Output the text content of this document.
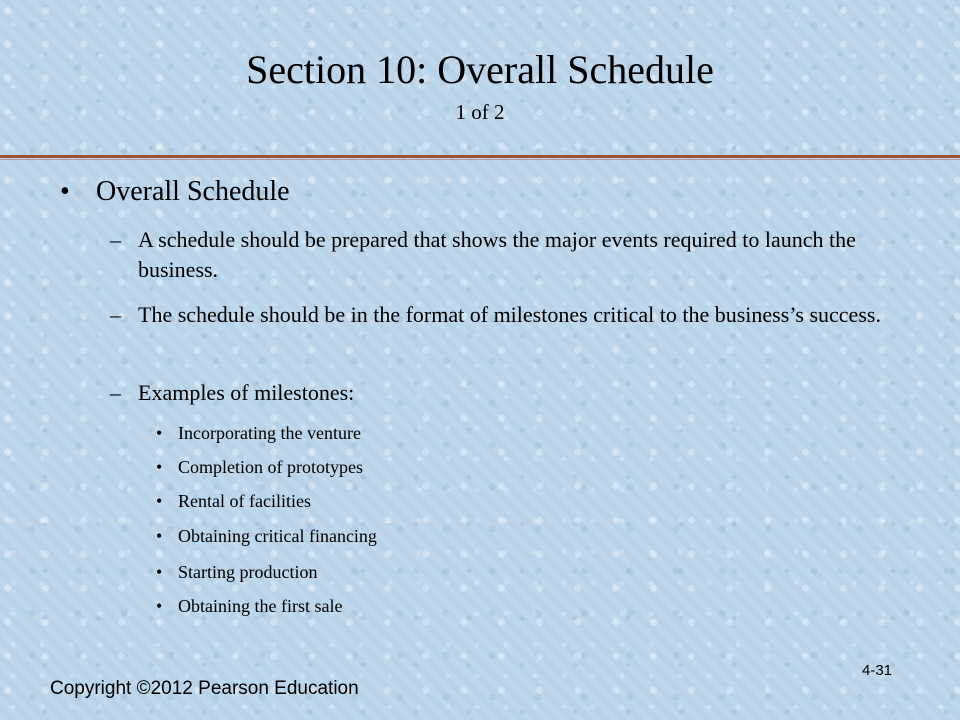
Section 10: Overall Schedule
1 of 2
• Overall Schedule
– A schedule should be prepared that shows the major events required to launch the business.
– The schedule should be in the format of milestones critical to the business’s success.
– Examples of milestones:
• Incorporating the venture
• Completion of prototypes
• Rental of facilities
• Obtaining critical financing
• Starting production
• Obtaining the first sale
Copyright ©2012 Pearson Education
4-31
